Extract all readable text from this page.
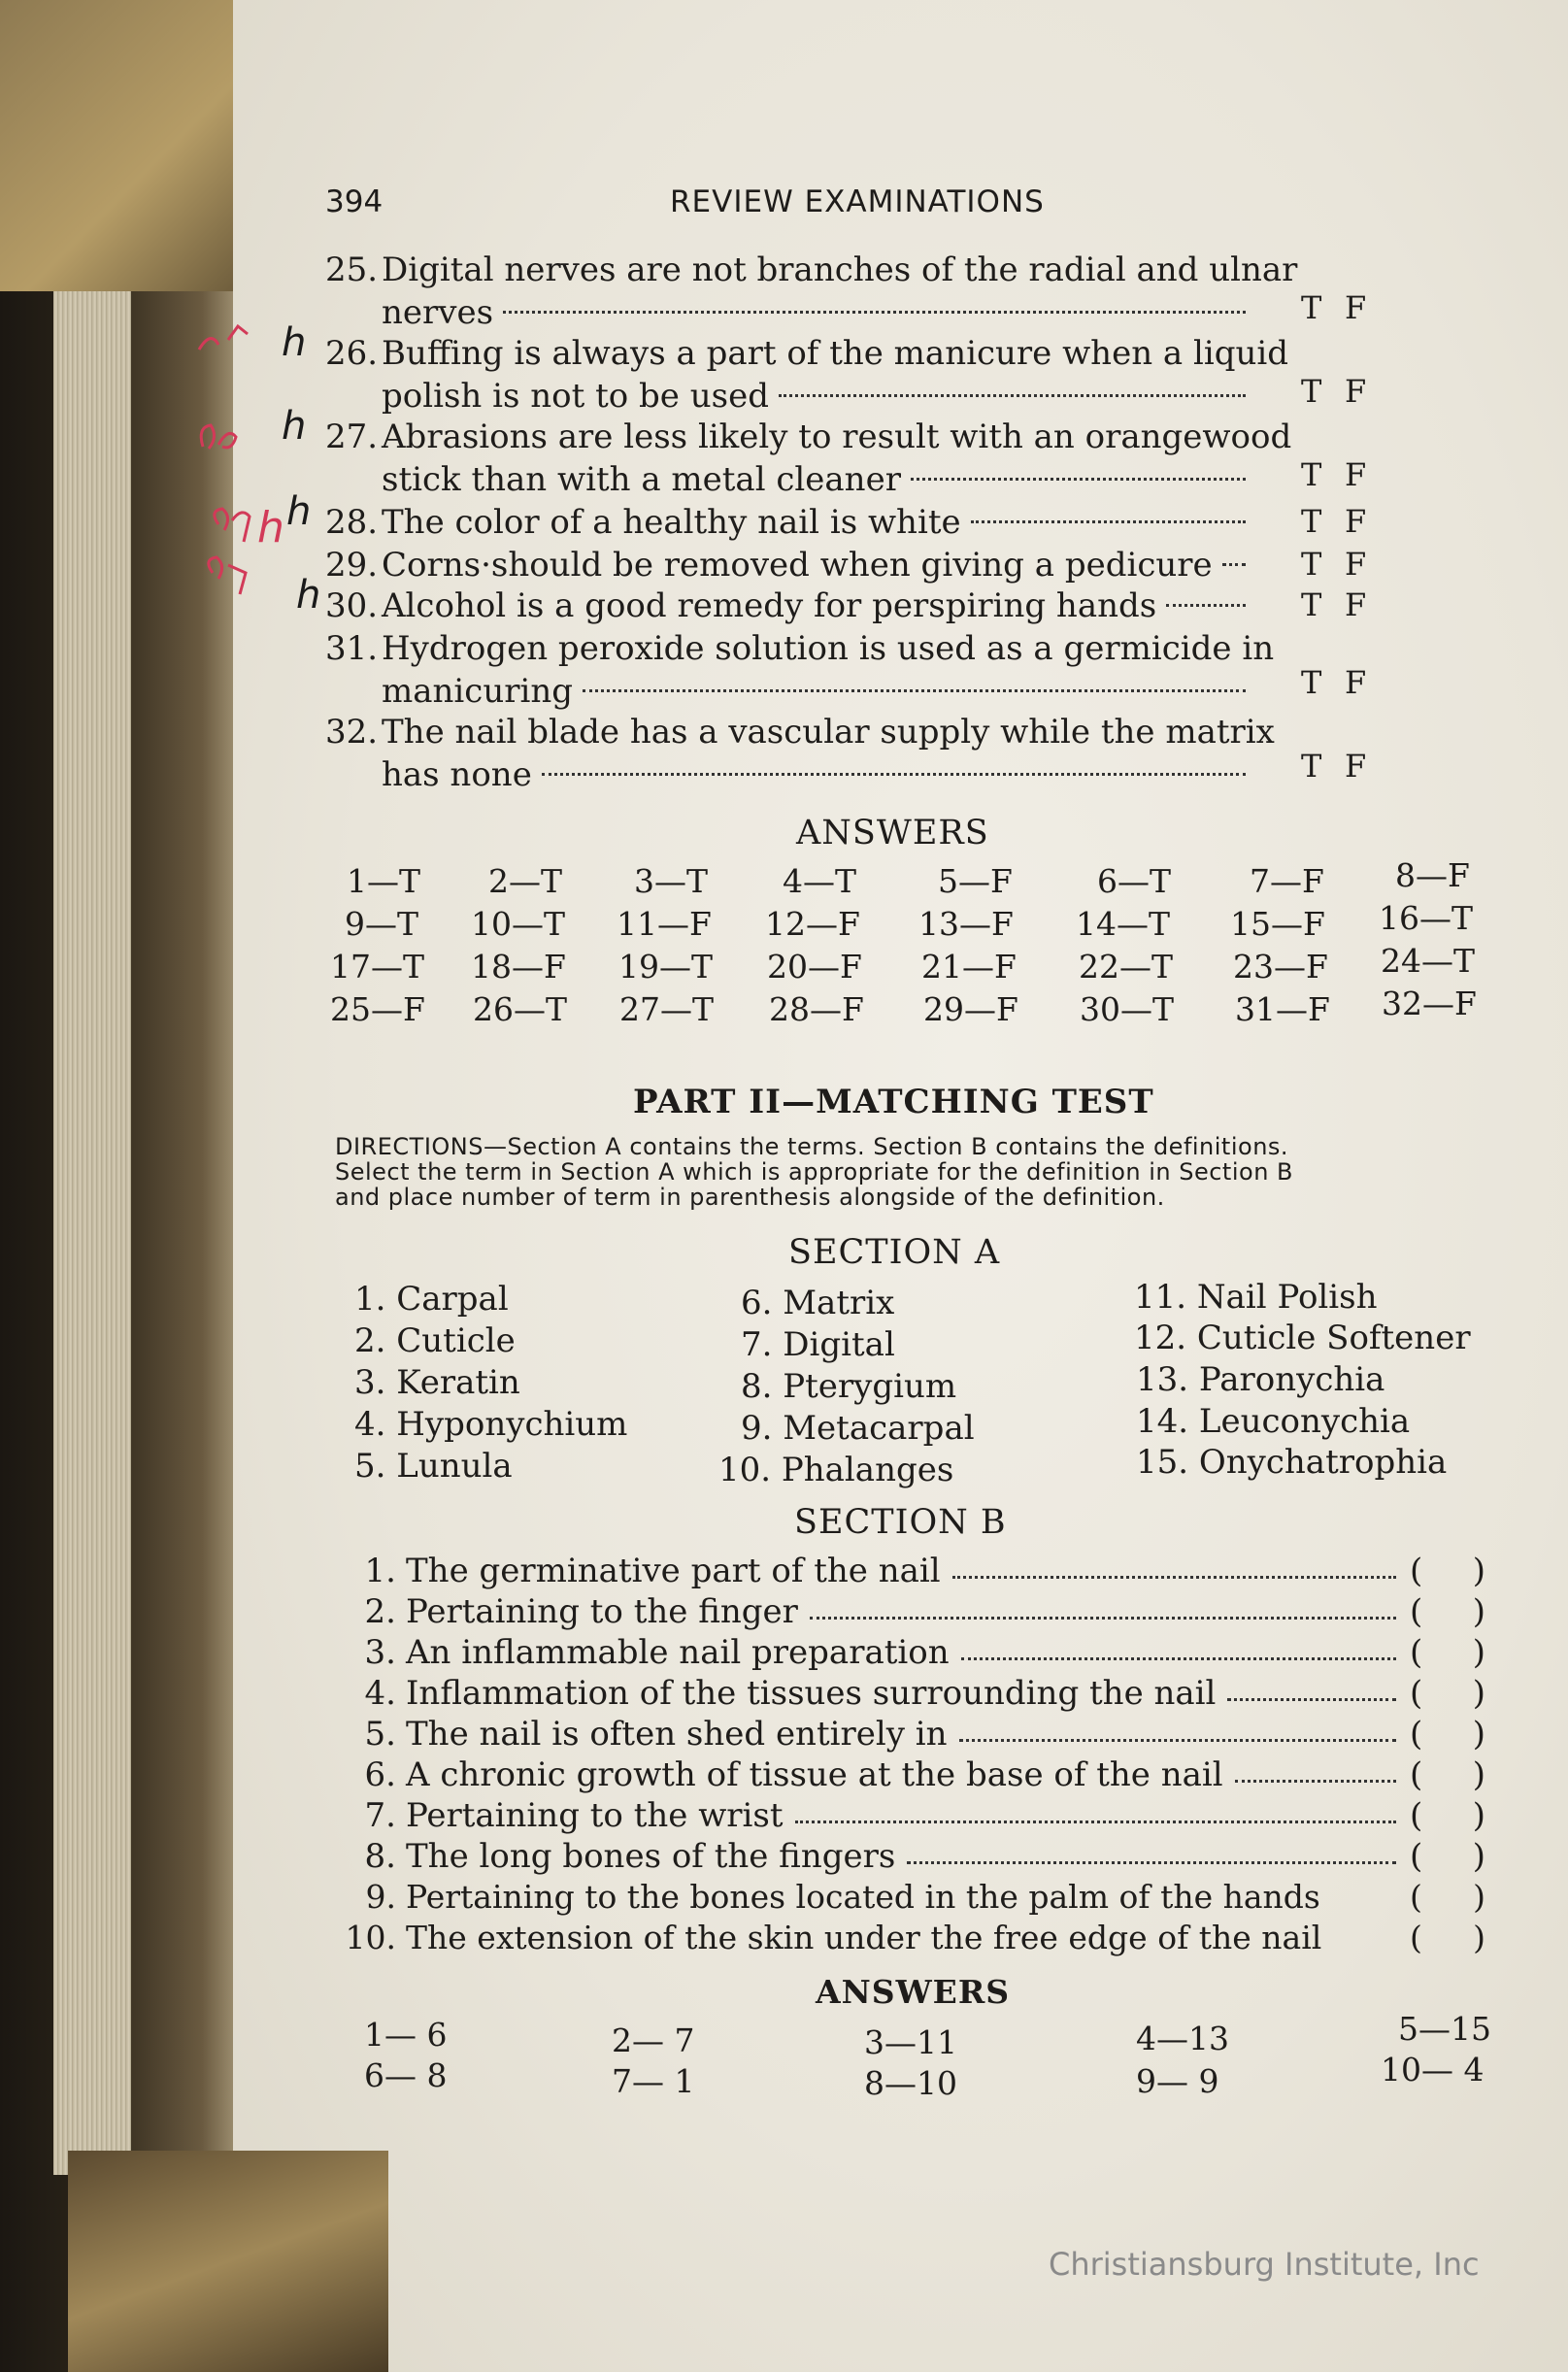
394	REVIEW EXAMINATIONS
25. Digital nerves are not branches of the radial and ulnar
nerves	T F
26. Buffing is always a part of the manicure when a liquid
polish is not to be used	T F
27. Abrasions are less likely to result with an orangewood
stick than with a metal cleaner	T F
28. The color of a healthy nail is white	T F
29. Corns·should be removed when giving a pedicure	T F
30. Alcohol is a good remedy for perspiring hands	T F
31. Hydrogen peroxide solution is used as a germicide in
manicuring	T F
32. The nail blade has a vascular supply while the matrix
has none	T F
h
h
h
h
h
ANSWERS
1—T 2—T 3—T 4—T	5—F	6—T 7—F 8—F
9—T 10—T 11—F 12—F 13—F 14—T 15—F 16—T
17—T 18—F 19—T 20—F 21—F 22—T 23—F 24—T
25—F 26—T 27—T 28—F 29—F 30—T 31—F 32—F
PART II—MATCHING TEST
DIRECTIONS—Section A contains the terms. Section B contains the definitions.
Select the term in Section A which is appropriate for the definition in Section B
and place number of term in parenthesis alongside of the definition.
SECTION A
1. Carpal
2. Cuticle
3. Keratin
4. Hyponychium
5. Lunula
6. Matrix
7. Digital
8. Pterygium
9. Metacarpal
10. Phalanges
11. Nail Polish
12. Cuticle Softener
13. Paronychia
14. Leuconychia
15. Onychatrophia
SECTION B
1. The germinative part of the nail	( )
2. Pertaining to the finger	( )
3. An inflammable nail preparation	( )
4. Inflammation of the tissues surrounding the nail	( )
5. The nail is often shed entirely in	( )
6. A chronic growth of tissue at the base of the nail	( )
7. Pertaining to the wrist	( )
8. The long bones of the fingers	( )
9. Pertaining to the bones located in the palm of the hands	( )
10. The extension of the skin under the free edge of the nail	( )
ANSWERS
1— 6	2— 7	3—11	4—13	5—15
6— 8	7— 1	8—10	9— 9	10— 4
Christiansburg Institute, Inc
